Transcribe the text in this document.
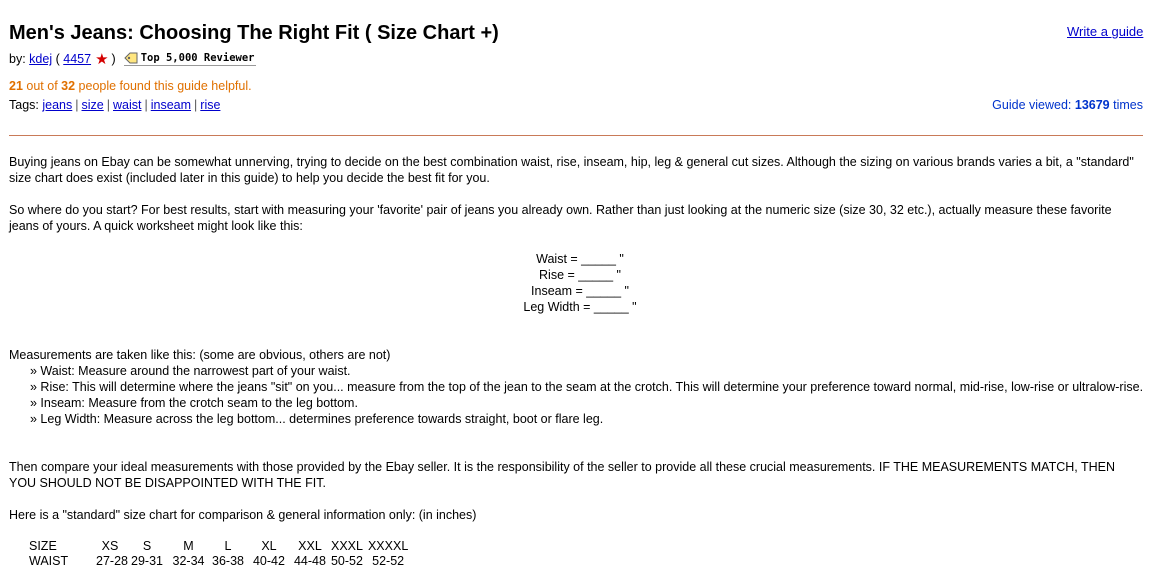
Men's Jeans: Choosing The Right Fit ( Size Chart +)	Write a guide
by:
kdej
(
4457 ★ ) Top 5,000 Reviewer
21 out of 32 people found this guide helpful.
Tags: jeans | size | waist | inseam | rise	Guide viewed: 13679 times

Buying jeans on Ebay can be somewhat unnerving, trying to decide on the best combination waist, rise, inseam, hip, leg & general cut sizes. Although the sizing on various brands varies a bit, a "standard" size chart does exist (included later in this guide) to help you decide the best fit for you.

So where do you start? For best results, start with measuring your 'favorite' pair of jeans you already own. Rather than just looking at the numeric size (size 30, 32 etc.), actually measure these favorite jeans of yours. A quick worksheet might look like this:

Waist = _____ "
Rise = _____ "
Inseam = _____ "
Leg Width = _____ "
Measurements are taken like this: (some are obvious, others are not)
» Waist: Measure around the narrowest part of your waist.
» Rise: This will determine where the jeans "sit" on you... measure from the top of the jean to the seam at the crotch. This will determine your preference toward normal, mid-rise, low-rise or ultralow-rise.
» Inseam: Measure from the crotch seam to the leg bottom.
» Leg Width: Measure across the leg bottom... determines preference towards straight, boot or flare leg.

Then compare your ideal measurements with those provided by the Ebay seller. It is the responsibility of the seller to provide all these crucial measurements. IF THE MEASUREMENTS MATCH, THEN YOU SHOULD NOT BE DISAPPOINTED WITH THE FIT.

Here is a "standard" size chart for comparison & general information only: (in inches)

SIZE	XS	S	M	L	XL	XXL	XXXL	XXXXL
WAIST	27-28	29-31	32-34	36-38	40-42	44-48	50-52	52-52
